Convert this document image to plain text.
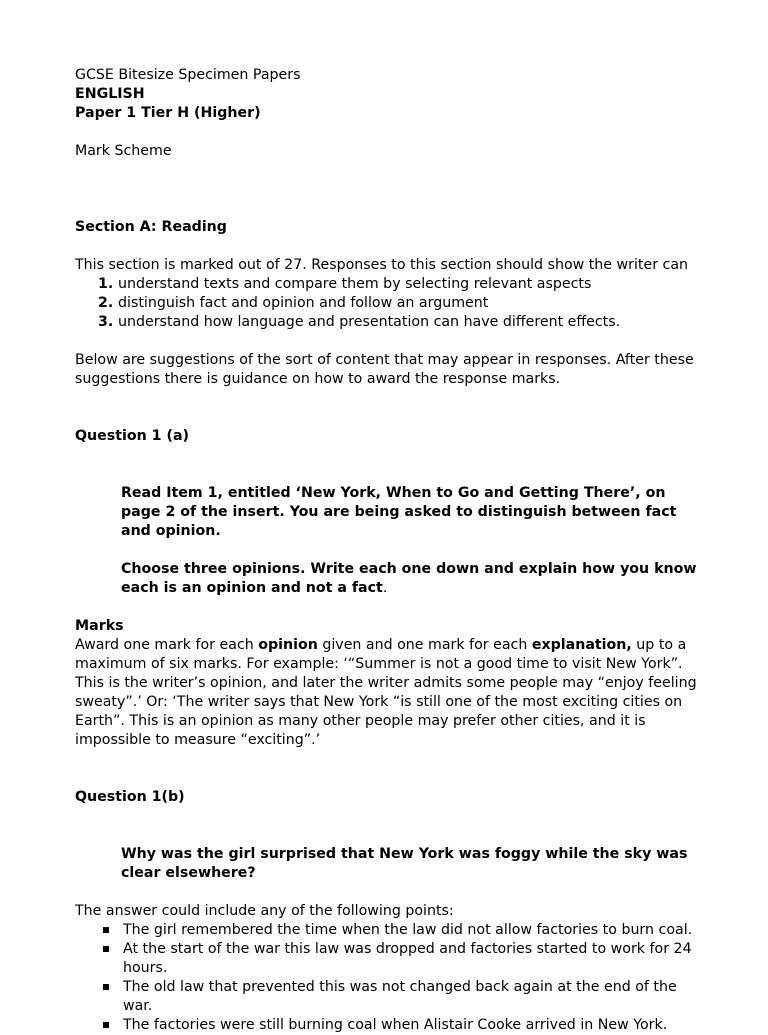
GCSE Bitesize Specimen Papers

ENGLISH

Paper 1 Tier H (Higher)

Mark Scheme

Section A: Reading

This section is marked out of 27. Responses to this section should show the writer can

1. understand texts and compare them by selecting relevant aspects
2. distinguish fact and opinion and follow an argument
3. understand how language and presentation can have different effects.

Below are suggestions of the sort of content that may appear in responses. After these suggestions there is guidance on how to award the response marks.

Question 1 (a)

Read Item 1, entitled ‘New York, When to Go and Getting There’, on page 2 of the insert. You are being asked to distinguish between fact and opinion.

Choose three opinions. Write each one down and explain how you know each is an opinion and not a fact.

Marks

Award one mark for each opinion given and one mark for each explanation, up to a maximum of six marks. For example: ‘“Summer is not a good time to visit New York”. This is the writer’s opinion, and later the writer admits some people may “enjoy feeling sweaty”.’ Or: ‘The writer says that New York “is still one of the most exciting cities on Earth”. This is an opinion as many other people may prefer other cities, and it is impossible to measure “exciting”.’

Question 1(b)

Why was the girl surprised that New York was foggy while the sky was clear elsewhere?

The answer could include any of the following points:

The girl remembered the time when the law did not allow factories to burn coal.
At the start of the war this law was dropped and factories started to work for 24 hours.
The old law that prevented this was not changed back again at the end of the war.
The factories were still burning coal when Alistair Cooke arrived in New York.
